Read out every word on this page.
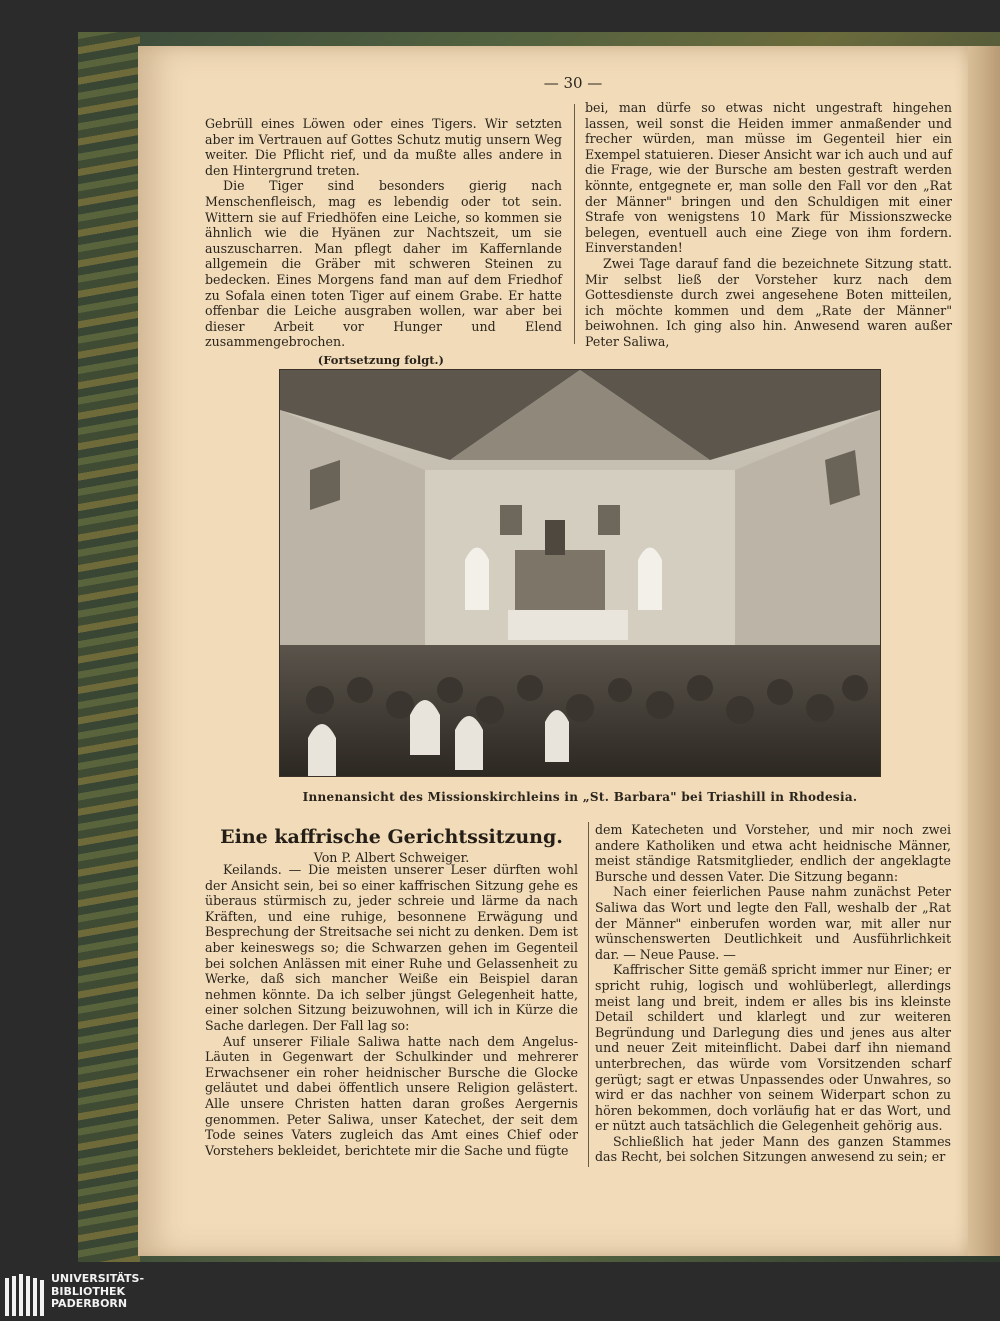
— 30 —

Gebrüll eines Löwen oder eines Tigers. Wir setzten aber im Vertrauen auf Gottes Schutz mutig unsern Weg weiter. Die Pflicht rief, und da mußte alles andere in den Hintergrund treten.

Die Tiger sind besonders gierig nach Menschenfleisch, mag es lebendig oder tot sein. Wittern sie auf Friedhöfen eine Leiche, so kommen sie ähnlich wie die Hyänen zur Nachtszeit, um sie auszuscharren. Man pflegt daher im Kaffernlande allgemein die Gräber mit schweren Steinen zu bedecken. Eines Morgens fand man auf dem Friedhof zu Sofala einen toten Tiger auf einem Grabe. Er hatte offenbar die Leiche ausgraben wollen, war aber bei dieser Arbeit vor Hunger und Elend zusammengebrochen.

(Fortsetzung folgt.)

bei, man dürfe so etwas nicht ungestraft hingehen lassen, weil sonst die Heiden immer anmaßender und frecher würden, man müsse im Gegenteil hier ein Exempel statuieren. Dieser Ansicht war ich auch und auf die Frage, wie der Bursche am besten gestraft werden könnte, entgegnete er, man solle den Fall vor den „Rat der Männer" bringen und den Schuldigen mit einer Strafe von wenigstens 10 Mark für Missionszwecke belegen, eventuell auch eine Ziege von ihm fordern. Einverstanden!

Zwei Tage darauf fand die bezeichnete Sitzung statt. Mir selbst ließ der Vorsteher kurz nach dem Gottesdienste durch zwei angesehene Boten mitteilen, ich möchte kommen und dem „Rate der Männer" beiwohnen. Ich ging also hin. Anwesend waren außer Peter Saliwa,

Innenansicht des Missionskirchleins in „St. Barbara" bei Triashill in Rhodesia.
Eine kaffrische Gerichtssitzung.
Von P. Albert Schweiger.

Keilands. — Die meisten unserer Leser dürften wohl der Ansicht sein, bei so einer kaffrischen Sitzung gehe es überaus stürmisch zu, jeder schreie und lärme da nach Kräften, und eine ruhige, besonnene Erwägung und Besprechung der Streitsache sei nicht zu denken. Dem ist aber keineswegs so; die Schwarzen gehen im Gegenteil bei solchen Anlässen mit einer Ruhe und Gelassenheit zu Werke, daß sich mancher Weiße ein Beispiel daran nehmen könnte. Da ich selber jüngst Gelegenheit hatte, einer solchen Sitzung beizuwohnen, will ich in Kürze die Sache darlegen. Der Fall lag so:

Auf unserer Filiale Saliwa hatte nach dem Angelus-Läuten in Gegenwart der Schulkinder und mehrerer Erwachsener ein roher heidnischer Bursche die Glocke geläutet und dabei öffentlich unsere Religion gelästert. Alle unsere Christen hatten daran großes Aergernis genommen. Peter Saliwa, unser Katechet, der seit dem Tode seines Vaters zugleich das Amt eines Chief oder Vorstehers bekleidet, berichtete mir die Sache und fügte

dem Katecheten und Vorsteher, und mir noch zwei andere Katholiken und etwa acht heidnische Männer, meist ständige Ratsmitglieder, endlich der angeklagte Bursche und dessen Vater. Die Sitzung begann:

Nach einer feierlichen Pause nahm zunächst Peter Saliwa das Wort und legte den Fall, weshalb der „Rat der Männer" einberufen worden war, mit aller nur wünschenswerten Deutlichkeit und Ausführlichkeit dar. — Neue Pause. —

Kaffrischer Sitte gemäß spricht immer nur Einer; er spricht ruhig, logisch und wohlüberlegt, allerdings meist lang und breit, indem er alles bis ins kleinste Detail schildert und klarlegt und zur weiteren Begründung und Darlegung dies und jenes aus alter und neuer Zeit miteinflicht. Dabei darf ihn niemand unterbrechen, das würde vom Vorsitzenden scharf gerügt; sagt er etwas Unpassendes oder Unwahres, so wird er das nachher von seinem Widerpart schon zu hören bekommen, doch vorläufig hat er das Wort, und er nützt auch tatsächlich die Gelegenheit gehörig aus.

Schließlich hat jeder Mann des ganzen Stammes das Recht, bei solchen Sitzungen anwesend zu sein; er

UNIVERSITÄTS-
BIBLIOTHEK
PADERBORN
